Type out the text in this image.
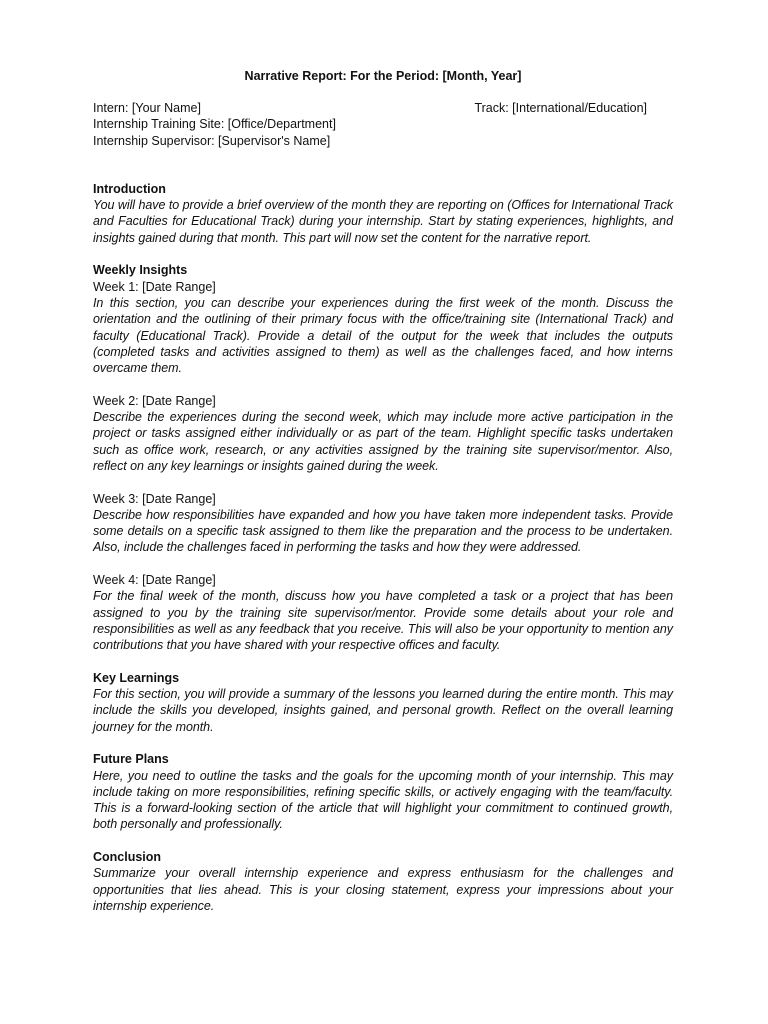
Narrative Report: For the Period: [Month, Year]
Intern: [Your Name]	Track: [International/Education]
Internship Training Site: [Office/Department]
Internship Supervisor: [Supervisor's Name]
Introduction

You will have to provide a brief overview of the month they are reporting on (Offices for International Track and Faculties for Educational Track) during your internship. Start by stating experiences, highlights, and insights gained during that month. This part will now set the content for the narrative report.

Weekly Insights
Week 1: [Date Range]

In this section, you can describe your experiences during the first week of the month. Discuss the orientation and the outlining of their primary focus with the office/training site (International Track) and faculty (Educational Track). Provide a detail of the output for the week that includes the outputs (completed tasks and activities assigned to them) as well as the challenges faced, and how interns overcame them.

Week 2: [Date Range]

Describe the experiences during the second week, which may include more active participation in the project or tasks assigned either individually or as part of the team. Highlight specific tasks undertaken such as office work, research, or any activities assigned by the training site supervisor/mentor. Also, reflect on any key learnings or insights gained during the week.

Week 3: [Date Range]

Describe how responsibilities have expanded and how you have taken more independent tasks. Provide some details on a specific task assigned to them like the preparation and the process to be undertaken. Also, include the challenges faced in performing the tasks and how they were addressed.

Week 4: [Date Range]

For the final week of the month, discuss how you have completed a task or a project that has been assigned to you by the training site supervisor/mentor. Provide some details about your role and responsibilities as well as any feedback that you receive. This will also be your opportunity to mention any contributions that you have shared with your respective offices and faculty.

Key Learnings

For this section, you will provide a summary of the lessons you learned during the entire month. This may include the skills you developed, insights gained, and personal growth. Reflect on the overall learning journey for the month.

Future Plans

Here, you need to outline the tasks and the goals for the upcoming month of your internship. This may include taking on more responsibilities, refining specific skills, or actively engaging with the team/faculty. This is a forward-looking section of the article that will highlight your commitment to continued growth, both personally and professionally.

Conclusion

Summarize your overall internship experience and express enthusiasm for the challenges and opportunities that lies ahead. This is your closing statement, express your impressions about your internship experience.
